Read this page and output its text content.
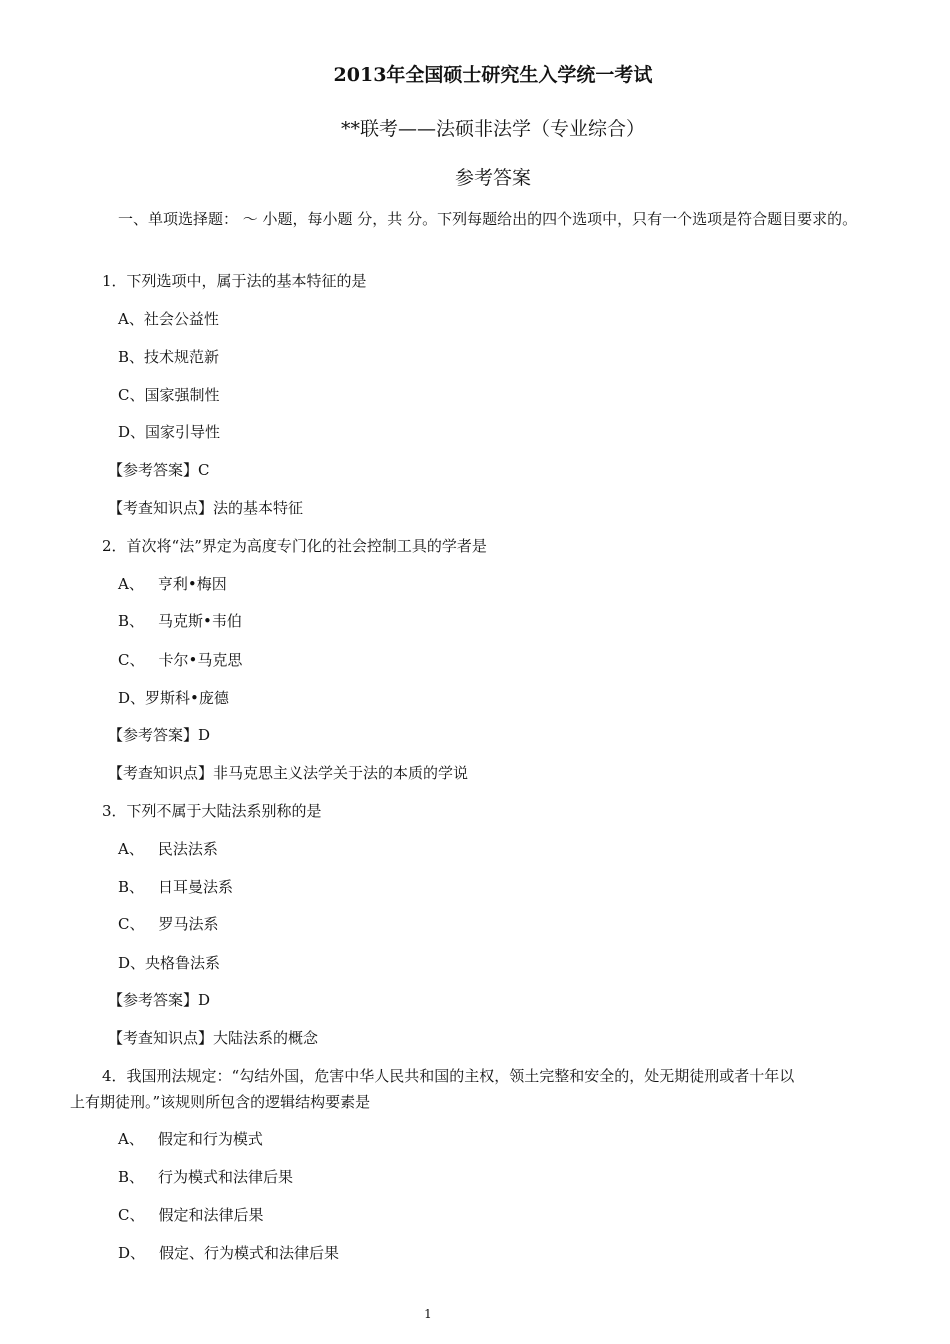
2013年全国硕士研究生入学统一考试
**联考——法硕非法学（专业综合）
参考答案
一、单项选择题： ～ 小题，每小题 分，共 分。下列每题给出的四个选项中，只有一个选项是符合题目要求的。
1．下列选项中，属于法的基本特征的是
A、社会公益性
B、技术规范新
C、国家强制性
D、国家引导性
【参考答案】C
【考查知识点】法的基本特征
2．首次将“法”界定为高度专门化的社会控制工具的学者是
A、 亨利•梅因
B、 马克斯•韦伯
C、 卡尔•马克思
D、罗斯科•庞德
【参考答案】D
【考查知识点】非马克思主义法学关于法的本质的学说
3．下列不属于大陆法系别称的是
A、 民法法系
B、 日耳曼法系
C、 罗马法系
D、央格鲁法系
【参考答案】D
【考查知识点】大陆法系的概念
4．我国刑法规定：“勾结外国，危害中华人民共和国的主权，领土完整和安全的，处无期徒刑或者十年以
上有期徒刑。”该规则所包含的逻辑结构要素是
A、 假定和行为模式
B、 行为模式和法律后果
C、 假定和法律后果
D、 假定、行为模式和法律后果
1
